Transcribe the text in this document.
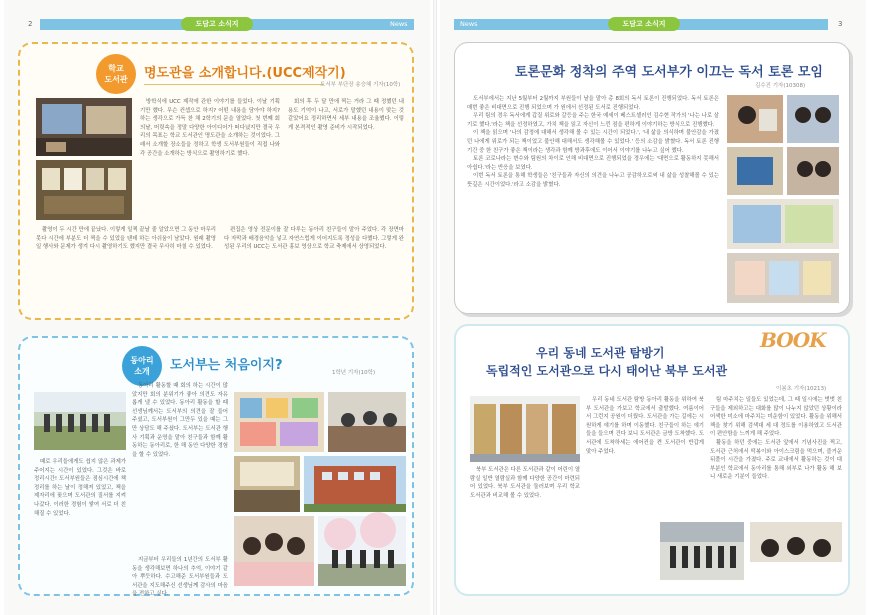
2	도담고 소식지	News
학교
도서관	명도관을 소개합니다.(UCC제작기)
도서부 부단장 송승혜 기자(10학)

방학식에 UCC 제작에 관한 이야기를 들었다. 이날 기획기만 했다. 무슨 컨셉으로 하지? 어떤 내용을 담아야 하지? 하는 생각으로 가득 찬 채 2학기의 문을 열었다. 첫 번째 회의날, 머릿속을 정말 다양한 아이디어가 떠다녔지만 결국 우리의 목표는 학교 도서관인 명도관을 소개하는 것이었다. 그래서 소개할 장소들을 정하고 학생 도서부원들이 직접 나와 각 공간을 소개하는 방식으로 촬영하기로 했다.

회의 후 두 달 만에 찍는 거라 그 때 정했던 내용도 기억이 나고, 서로가 말했던 내용이 맞는 것 같았어요 정리하면서 세부 내용을 조율했다. 이렇게 본격적인 촬영 준비가 시작되었다.

촬영이 두 시간 만에 끝났다. 이렇게 일찍 끝날 줄 알았으면 그 동안 마무리 못다 시간에 부분도 더 찍을 수 있었을 텐데 하는 아쉬움이 남았다. 원래 촬영 일 행사와 문제가 생겨 다시 촬영하기도 했지만 결국 무사히 마칠 수 있었다.

편집은 영상 전문이를 잘 다루는 동아리 친구들이 맡아 주었다. 각 장면마다 자막과 배경음악을 넣고 자연스럽게 이어지도록 정성을 다했다. 그렇게 완성된 우리의 UCC는 도서관 홍보 영상으로 학교 축제에서 상영되었다.

동아리
소개	도서부는 처음이지?	1학년 기자(10학)

동아리 활동할 때 회의 하는 시간이 많았지만 회의 분위기가 좋아 의견도 자유롭게 낼 수 있었다. 동아리 활동을 할 때 선생님께서는 도서부의 의견을 잘 들어 주셨고, 도서부원이 그만두 있을 때는 그만 상담도 해 주셨다. 도서부는 도서관 행사 기획과 운영을 맡아 친구들과 함께 활동하는 동아리로, 한 해 동안 다양한 경험을 할 수 있었다.

때로 우리들에게도 쉽지 않은 과제가 주어지는 시간이 있었다. 그것은 바로 정리시간! 도서부원들은 점심시간에 책 정리를 하는 날이 정해져 있었고, 책을 제자리에 꽂으며 도서관의 질서를 지켜 나갔다. 이러한 경험이 쌓여 서로 더 친해질 수 있었다.

지금부터 우리들의 1년간의 도서부 활동을 생각해보면 하나의 추억, 이야기 같아 뿌듯하다. 수고해준 도서부원들과 도서관을 지도해주신 선생님께 감사의 마음을 전하고 싶다.

News	도담고 소식지	3
토론문화 정착의 주역 도서부가 이끄는 독서 토론 모임
김수진 기자(10308)

도서부에서는 지난 5월부터 2월까지 부원들이 날을 맡아 총 8회의 독서 토론이 진행되었다. 독서 토론은 매번 좋은 비대면으로 진행 되었으며 가 원에서 선정된 도서로 진행되었다.

우리 팀의 경우 독서에게 갑질 위로와 갈등을 주는 한국 예세이 베스트셀러인 김수현 작가의 '나는 나로 살기로 했다.'라는 책을 선정하였고, 가치 책을 읽고 자신이 느낀 점을 편하게 이야기하는 방식으로 진행했다.

이 책을 읽으며 '나의 감정에 대해서 생각해 볼 수 있는 시간이 되었다.', '내 삶을 의식하며 불안감을 가졌던 나에게 위로가 되는 책이었고 불안해 대해서도 생각해볼 수 있었다.' 등의 소감을 밝혔다. 독서 토론 진행 기간 중 한 친구가 좋은 책이라는 생각과 함께 방과후에도 이어서 이야기를 나누고 싶어 했다.

토론 코로나라는 변수와 팀원의 차이로 인해 비대면으로 진행되었을 경우에는 '대면으로 활동하지 못해서 아쉽다.'라는 반응을 보였다.

이번 독서 토론을 통해 학생들은 '친구들과 자신의 의견을 나누고 공감하오로써 내 삶을 성찰해볼 수 있는 뜻깊은 시간이었다.'라고 소감을 밝혔다.

우리 동네 도서관 탐방기
독립적인 도서관으로 다시 태어난 북부 도서관
BOOK
이봄초 기자(10213)

우리 동네 도서관 탐방 동아리 활동을 위하여 북부 도서관을 가보고 학교에서 출발했다. 여름이어서 그런지 공원이 더웠다. 도서관을 가는 길에는 시원하게 얘기를 하며 이동했다. 친구들이 하는 얘기들을 들으며 건다 보니 도서관은 금방 도착했다. 도서관에 도착하세는 에어컨을 켠 도서관이 반갑게 맞아 주었다.

북부 도서관은 다른 도서관과 같이 어린이 열람실 일반 열람실과 함께 다양한 공간이 마련되어 있었다. 북부 도서관을 둘러보며 우리 학교 도서관과 비교해 볼 수 있었다.

팀 마주치는 일들도 있었는데, 그 때 일시에는 벗벗 친구들을 제외하고는 대화를 많이 나누지 않았던 상황이라 어색한 미소에 마주치는 미운함이 있었다. 활동을 위해서 책을 찾기 위해 검색대 세 대 정도를 이용하였고 도서관이 편안함을 느끼게 해 주었다.

활동을 하던 중에는 도서관 앞에서 기념사진을 찍고, 도서관 근처에서 떡볶이와 아이스크림을 먹으며, 즐거운 뒤풀이 시간을 가졌다. 주로 교내에서 활동하는 것이 대부분인 학교에서 동아리를 통해 외부로 나가 활동 해 보니 새로운 기분이 들었다.
